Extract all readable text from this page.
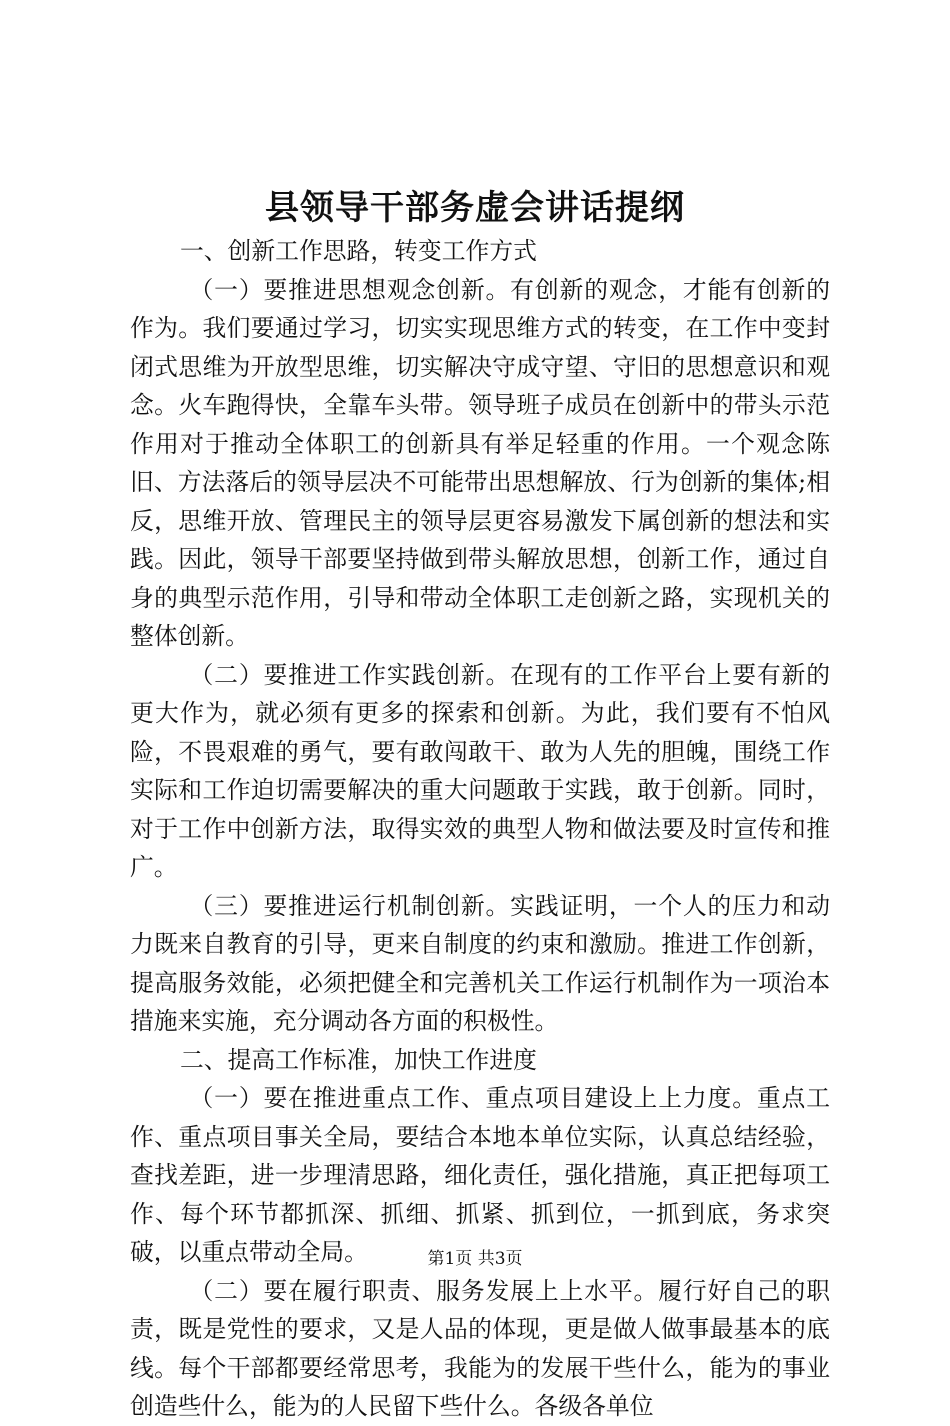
县领导干部务虚会讲话提纲

一、创新工作思路，转变工作方式

（一）要推进思想观念创新。有创新的观念，才能有创新的作为。我们要通过学习，切实实现思维方式的转变，在工作中变封闭式思维为开放型思维，切实解决守成守望、守旧的思想意识和观念。火车跑得快，全靠车头带。领导班子成员在创新中的带头示范作用对于推动全体职工的创新具有举足轻重的作用。一个观念陈旧、方法落后的领导层决不可能带出思想解放、行为创新的集体;相反，思维开放、管理民主的领导层更容易激发下属创新的想法和实践。因此，领导干部要坚持做到带头解放思想，创新工作，通过自身的典型示范作用，引导和带动全体职工走创新之路，实现机关的整体创新。

（二）要推进工作实践创新。在现有的工作平台上要有新的更大作为，就必须有更多的探索和创新。为此，我们要有不怕风险，不畏艰难的勇气，要有敢闯敢干、敢为人先的胆魄，围绕工作实际和工作迫切需要解决的重大问题敢于实践，敢于创新。同时，对于工作中创新方法，取得实效的典型人物和做法要及时宣传和推广。

（三）要推进运行机制创新。实践证明，一个人的压力和动力既来自教育的引导，更来自制度的约束和激励。推进工作创新，提高服务效能，必须把健全和完善机关工作运行机制作为一项治本措施来实施，充分调动各方面的积极性。

二、提高工作标准，加快工作进度

（一）要在推进重点工作、重点项目建设上上力度。重点工作、重点项目事关全局，要结合本地本单位实际，认真总结经验，查找差距，进一步理清思路，细化责任，强化措施，真正把每项工作、每个环节都抓深、抓细、抓紧、抓到位，一抓到底，务求突破，以重点带动全局。

（二）要在履行职责、服务发展上上水平。履行好自己的职责，既是党性的要求，又是人品的体现，更是做人做事最基本的底线。每个干部都要经常思考，我能为的发展干些什么，能为的事业创造些什么，能为的人民留下些什么。各级各单位

第1页 共3页
